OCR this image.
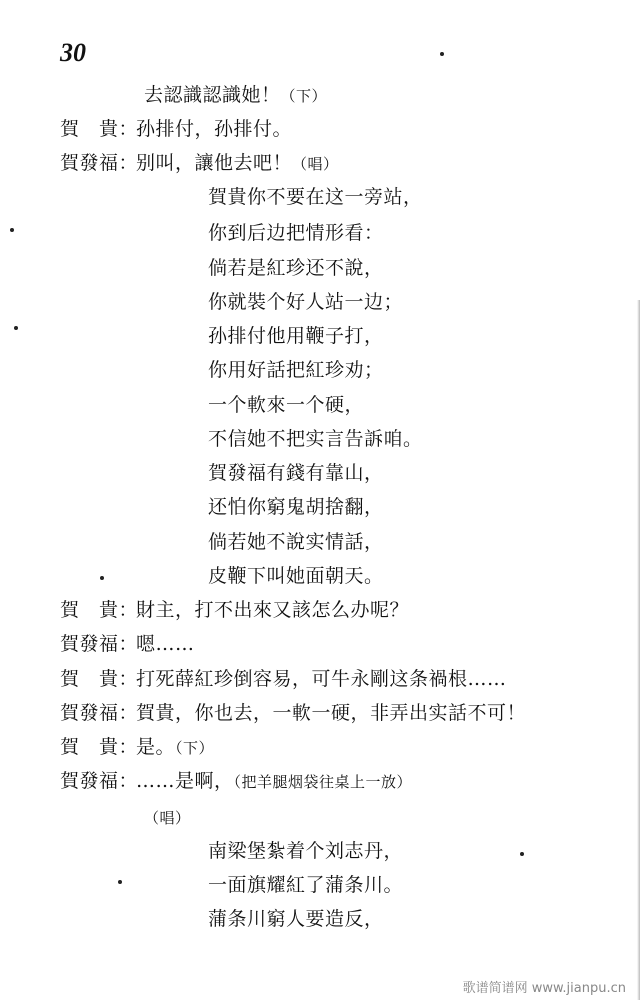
30
去認識認識她！（下）
賀　貴：孙排付，孙排付。
賀發福：别叫，讓他去吧！（唱）
賀貴你不要在这一旁站，
你到后边把情形看：
倘若是紅珍还不說，
你就裝个好人站一边；
孙排付他用鞭子打，
你用好話把紅珍劝；
一个軟來一个硬，
不信她不把实言告訴咱。
賀發福有錢有靠山，
还怕你窮鬼胡捨翻，
倘若她不說实情話，
皮鞭下叫她面朝天。
賀　貴：財主，打不出來又該怎么办呢？
賀發福：嗯……
賀　貴：打死薛紅珍倒容易，可牛永剛这条禍根……
賀發福：賀貴，你也去，一軟一硬，非弄出实話不可！
賀　貴：是。（下）
賀發福：……是啊，（把羊腿烟袋往桌上一放）
（唱）
南梁堡紮着个刘志丹，
一面旗耀紅了蒲条川。
蒲条川窮人要造反，
歌谱简谱网 www.jianpu.cn
